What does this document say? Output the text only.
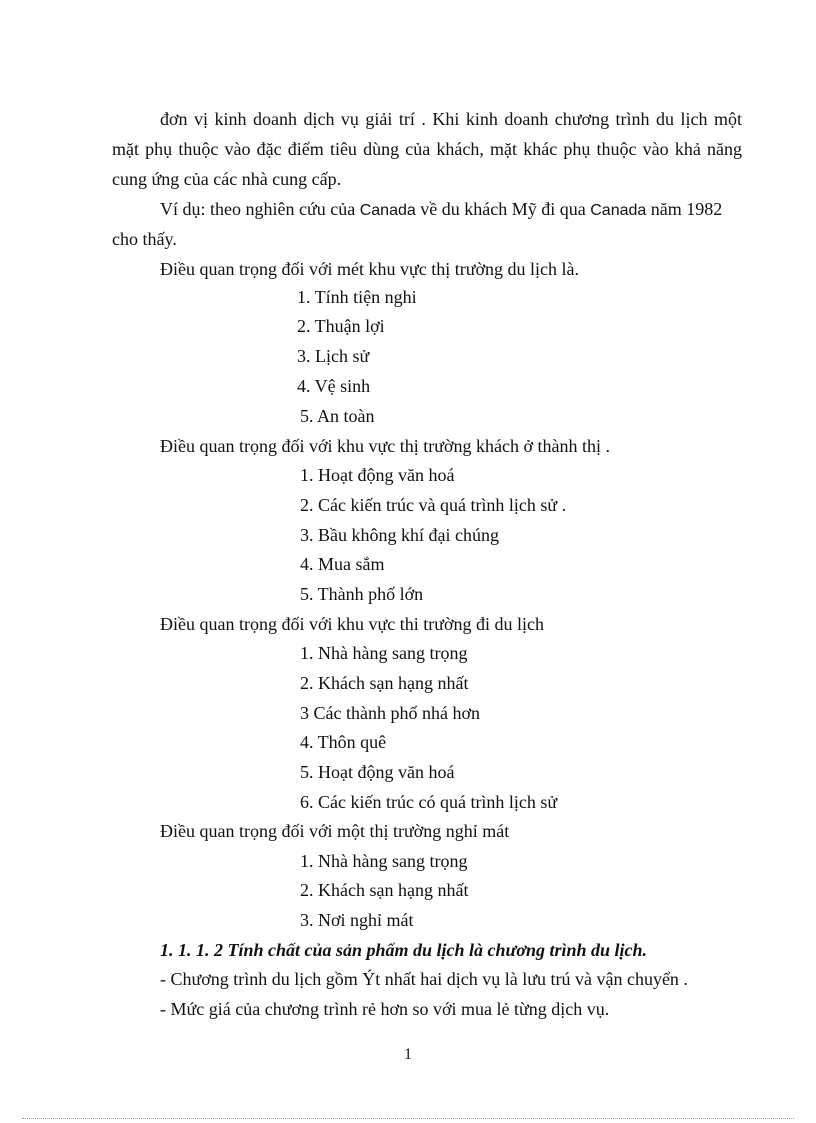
đơn vị kinh doanh dịch vụ giải trí . Khi kinh doanh chương trình du lịch một
mặt phụ thuộc vào đặc điểm tiêu dùng của khách, mặt khác phụ thuộc vào khả năng
cung ứng của các nhà cung cấp.
Ví dụ: theo nghiên cứu của Canada về du khách Mỹ đi qua Canada năm 1982
cho thấy.
Điều quan trọng đối với mét khu vực thị trường du lịch là.
1. Tính tiện nghi
2. Thuận lợi
3. Lịch sử
4. Vệ sinh
5. An toàn
Điều quan trọng đối với khu vực thị trường khách ở thành thị .
1. Hoạt động văn hoá
2. Các kiến trúc và quá trình lịch sử .
3. Bầu không khí đại chúng
4. Mua sắm
5. Thành phố lớn
Điều quan trọng đối với khu vực thi trường đi du lịch
1. Nhà hàng sang trọng
2. Khách sạn hạng nhất
3 Các thành phố nhá hơn
4. Thôn quê
5. Hoạt động văn hoá
6. Các kiến trúc có quá trình lịch sử
Điều quan trọng đối với một thị trường nghỉ mát
1. Nhà hàng sang trọng
2. Khách sạn hạng nhất
3. Nơi nghỉ mát
1. 1. 1. 2 Tính chất của sản phẩm du lịch là chương trình du lịch.
- Chương trình du lịch gồm Ýt nhất hai dịch vụ là lưu trú và vận chuyển .
- Mức giá của chương trình rẻ hơn so với mua lẻ từng dịch vụ.
1
